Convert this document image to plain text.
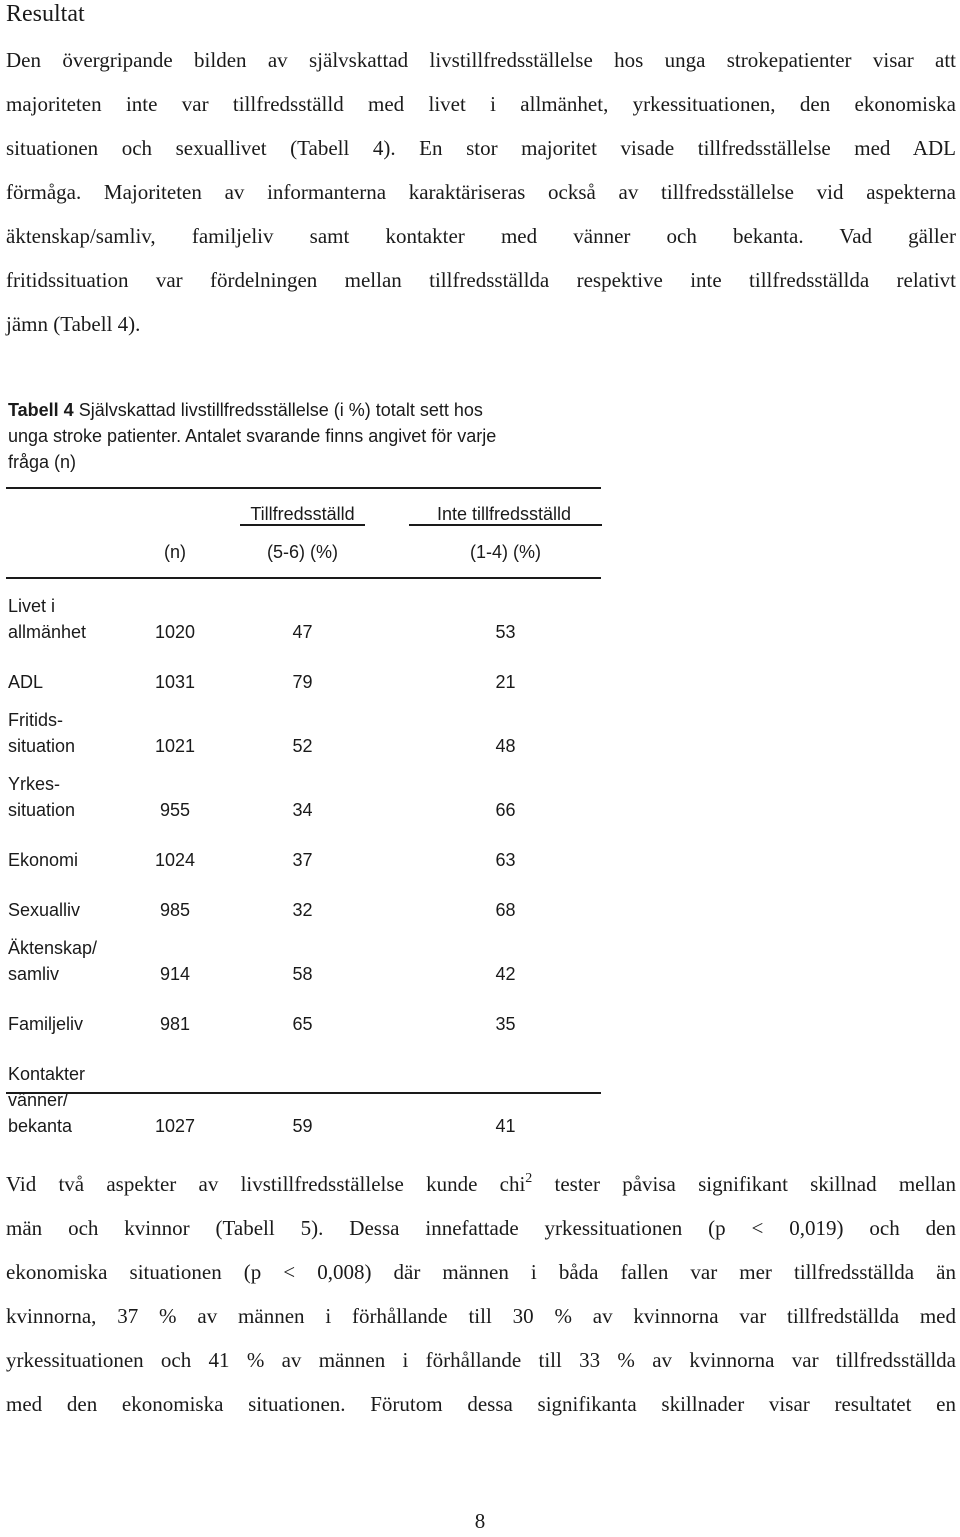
Resultat
Den övergripande bilden av självskattad livstillfredsställelse hos unga strokepatienter visar att
majoriteten inte var tillfredsställd med livet i allmänhet, yrkessituationen, den ekonomiska
situationen och sexuallivet (Tabell 4). En stor majoritet visade tillfredsställelse med ADL
förmåga. Majoriteten av informanterna karaktäriseras också av tillfredsställelse vid aspekterna
äktenskap/samliv, familjeliv samt kontakter med vänner och bekanta. Vad gäller
fritidssituation var fördelningen mellan tillfredsställda respektive inte tillfredsställda relativt
jämn (Tabell 4).
Tabell 4 Självskattad livstillfredsställelse (i %) totalt sett hos
unga stroke patienter. Antalet svarande finns angivet för varje
fråga (n)
Tillfredsställd	Inte tillfredsställd
(n)	(5-6) (%)	(1-4) (%)
Livet i
allmänhet	1020	47	53
ADL	1031	79	21
Fritids-
situation	1021	52	48
Yrkes-
situation	955	34	66
Ekonomi	1024	37	63
Sexualliv	985	32	68
Äktenskap/
samliv	914	58	42
Familjeliv	981	65	35
Kontakter
vänner/
bekanta	1027	59	41
Vid två aspekter av livstillfredsställelse kunde chi$^2$ tester påvisa signifikant skillnad mellan
män och kvinnor (Tabell 5). Dessa innefattade yrkessituationen (p < 0,019) och den
ekonomiska situationen (p < 0,008) där männen i båda fallen var mer tillfredsställda än
kvinnorna, 37 % av männen i förhållande till 30 % av kvinnorna var tillfredställda med
yrkessituationen och 41 % av männen i förhållande till 33 % av kvinnorna var tillfredsställda
med den ekonomiska situationen. Förutom dessa signifikanta skillnader visar resultatet en
8
